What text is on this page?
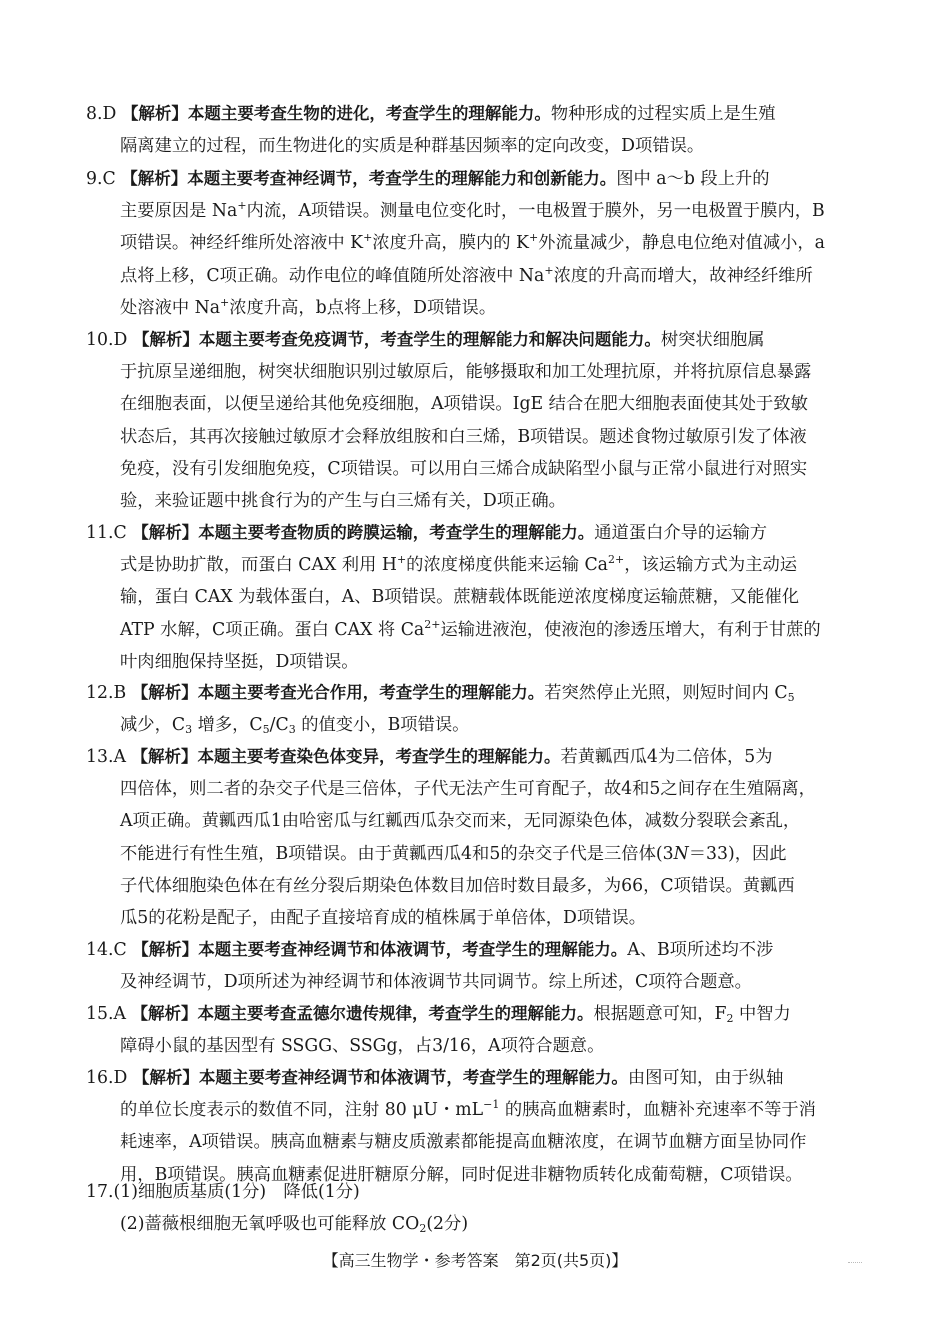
8.D 【解析】本题主要考查生物的进化，考查学生的理解能力。物种形成的过程实质上是生殖
隔离建立的过程，而生物进化的实质是种群基因频率的定向改变，D项错误。
9.C 【解析】本题主要考查神经调节，考查学生的理解能力和创新能力。图中 a～b 段上升的
主要原因是 Na+内流，A项错误。测量电位变化时，一电极置于膜外，另一电极置于膜内，B
项错误。神经纤维所处溶液中 K+浓度升高，膜内的 K+外流量减少，静息电位绝对值减小，a
点将上移，C项正确。动作电位的峰值随所处溶液中 Na+浓度的升高而增大，故神经纤维所
处溶液中 Na+浓度升高，b点将上移，D项错误。
10.D 【解析】本题主要考查免疫调节，考查学生的理解能力和解决问题能力。树突状细胞属
于抗原呈递细胞，树突状细胞识别过敏原后，能够摄取和加工处理抗原，并将抗原信息暴露
在细胞表面，以便呈递给其他免疫细胞，A项错误。IgE 结合在肥大细胞表面使其处于致敏
状态后，其再次接触过敏原才会释放组胺和白三烯，B项错误。题述食物过敏原引发了体液
免疫，没有引发细胞免疫，C项错误。可以用白三烯合成缺陷型小鼠与正常小鼠进行对照实
验，来验证题中挑食行为的产生与白三烯有关，D项正确。
11.C 【解析】本题主要考查物质的跨膜运输，考查学生的理解能力。通道蛋白介导的运输方
式是协助扩散，而蛋白 CAX 利用 H+的浓度梯度供能来运输 $Ca^{2+}$，该运输方式为主动运
输，蛋白 CAX 为载体蛋白，A、B项错误。蔗糖载体既能逆浓度梯度运输蔗糖，又能催化
ATP 水解，C项正确。蛋白 CAX 将 $Ca^{2+}$运输进液泡，使液泡的渗透压增大，有利于甘蔗的
叶肉细胞保持坚挺，D项错误。
12.B 【解析】本题主要考查光合作用，考查学生的理解能力。若突然停止光照，则短时间内 $C_5$
减少，$C_3$ 增多，$C_5/C_3$ 的值变小，B项错误。
13.A 【解析】本题主要考查染色体变异，考查学生的理解能力。若黄瓤西瓜4为二倍体，5为
四倍体，则二者的杂交子代是三倍体，子代无法产生可育配子，故4和5之间存在生殖隔离，
A项正确。黄瓤西瓜1由哈密瓜与红瓤西瓜杂交而来，无同源染色体，减数分裂联会紊乱，
不能进行有性生殖，B项错误。由于黄瓤西瓜4和5的杂交子代是三倍体(3N＝33)，因此
子代体细胞染色体在有丝分裂后期染色体数目加倍时数目最多，为66，C项错误。黄瓤西
瓜5的花粉是配子，由配子直接培育成的植株属于单倍体，D项错误。
14.C 【解析】本题主要考查神经调节和体液调节，考查学生的理解能力。A、B项所述均不涉
及神经调节，D项所述为神经调节和体液调节共同调节。综上所述，C项符合题意。
15.A 【解析】本题主要考查孟德尔遗传规律，考查学生的理解能力。根据题意可知，$F_2$ 中智力
障碍小鼠的基因型有 SSGG、SSGg，占3/16，A项符合题意。
16.D 【解析】本题主要考查神经调节和体液调节，考查学生的理解能力。由图可知，由于纵轴
的单位长度表示的数值不同，注射 80 μU・$mL^{-1}$ 的胰高血糖素时，血糖补充速率不等于消
耗速率，A项错误。胰高血糖素与糖皮质激素都能提高血糖浓度，在调节血糖方面呈协同作
用，B项错误。胰高血糖素促进肝糖原分解，同时促进非糖物质转化成葡萄糖，C项错误。
17.(1)细胞质基质(1分)　降低(1分)
(2)蔷薇根细胞无氧呼吸也可能释放 $CO_2(2$分)
【高三生物学・参考答案　第2页(共5页)】
